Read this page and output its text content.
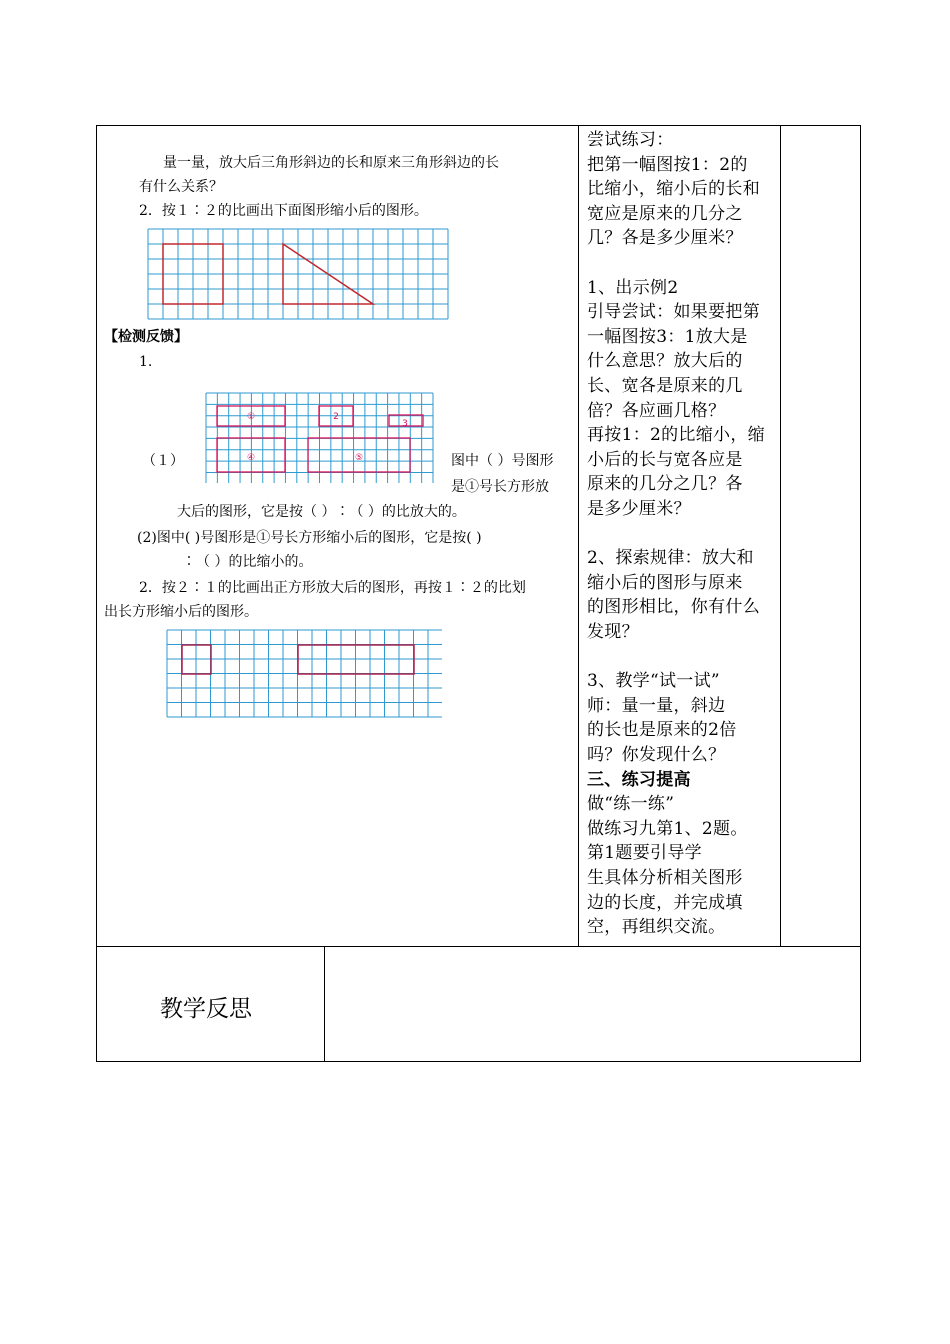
量一量，放大后三角形斜边的长和原来三角形斜边的长
有什么关系？
2．按１∶２的比画出下面图形缩小后的图形。
【检测反馈】
1.
①	2
3
④	⑤
（１）	图中（ ）号图形
是①号长方形放
大后的图形，它是按（ ）∶（ ）的比放大的。
(2)图中( )号图形是①号长方形缩小后的图形，它是按( )
∶（ ）的比缩小的。
2．按２∶１的比画出正方形放大后的图形，再按１∶２的比划
出长方形缩小后的图形。
尝试练习：
把第一幅图按1：2的
比缩小，缩小后的长和
宽应是原来的几分之
几？各是多少厘米？
1、出示例2
引导尝试：如果要把第
一幅图按3：1放大是
什么意思？放大后的
长、宽各是原来的几
倍？各应画几格？
再按1：2的比缩小，缩
小后的长与宽各应是
原来的几分之几？各
是多少厘米？
2、探索规律：放大和
缩小后的图形与原来
的图形相比，你有什么
发现？
3、教学“试一试”
师：量一量，斜边
的长也是原来的2倍
吗？你发现什么？
三、练习提高
做“练一练”
做练习九第1、2题。
第1题要引导学
生具体分析相关图形
边的长度，并完成填
空，再组织交流。
教学反思
